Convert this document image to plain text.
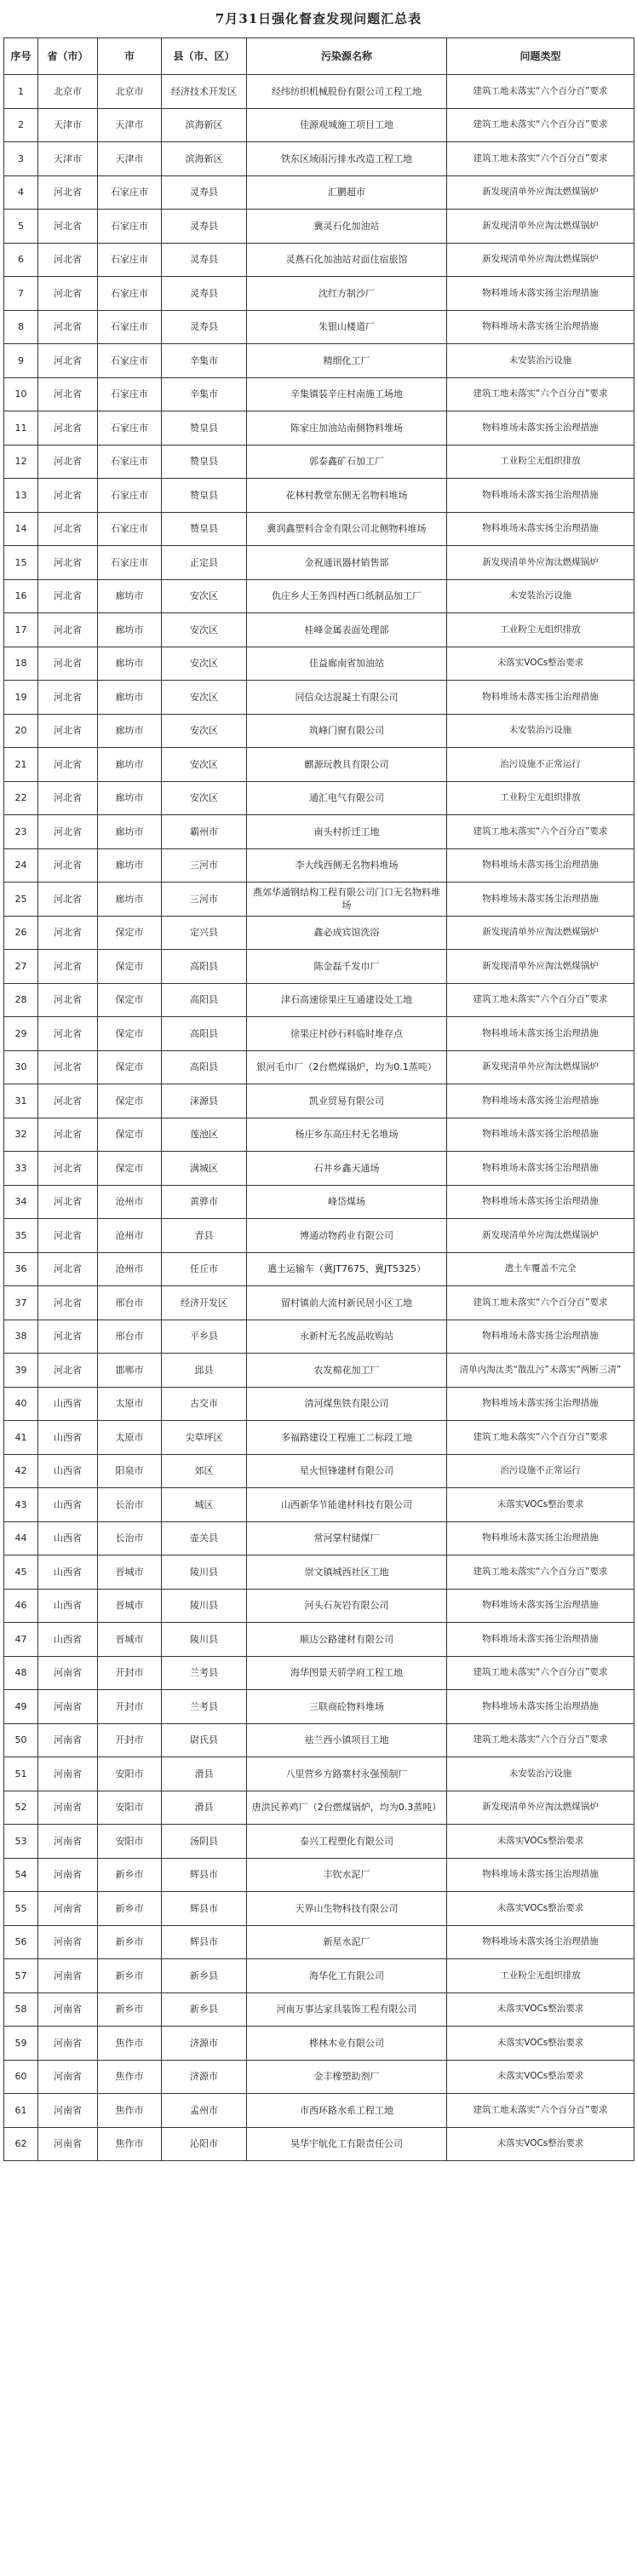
7月31日强化督查发现问题汇总表
序号	省（市）	市	县（市、区）	污染源名称	问题类型
1	北京市	北京市	经济技术开发区	经纬纺织机械股份有限公司工程工地	建筑工地未落实“六个百分百”要求
2	天津市	天津市	滨海新区	佳源观城施工项目工地	建筑工地未落实“六个百分百”要求
3	天津市	天津市	滨海新区	铁东区域雨污排水改造工程工地	建筑工地未落实“六个百分百”要求
4	河北省	石家庄市	灵寿县	汇鹏超市	新发现清单外应淘汰燃煤锅炉
5	河北省	石家庄市	灵寿县	冀灵石化加油站	新发现清单外应淘汰燃煤锅炉
6	河北省	石家庄市	灵寿县	灵燕石化加油站对面住宿旅馆	新发现清单外应淘汰燃煤锅炉
7	河北省	石家庄市	灵寿县	沈红方制沙厂	物料堆场未落实扬尘治理措施
8	河北省	石家庄市	灵寿县	朱银山楼道厂	物料堆场未落实扬尘治理措施
9	河北省	石家庄市	辛集市	精细化工厂	未安装治污设施
10	河北省	石家庄市	辛集市	辛集镇装辛庄村南施工场地	建筑工地未落实“六个百分百”要求
11	河北省	石家庄市	赞皇县	陈家庄加油站南侧物料堆场	物料堆场未落实扬尘治理措施
12	河北省	石家庄市	赞皇县	郭泰鑫矿石加工厂	工业粉尘无组织排放
13	河北省	石家庄市	赞皇县	花林村教堂东侧无名物料堆场	物料堆场未落实扬尘治理措施
14	河北省	石家庄市	赞皇县	冀润鑫塑料合金有限公司北侧物料堆场	物料堆场未落实扬尘治理措施
15	河北省	石家庄市	正定县	金祝通讯器材销售部	新发现清单外应淘汰燃煤锅炉
16	河北省	廊坊市	安次区	仇庄乡大王务四村西口纸制品加工厂	未安装治污设施
17	河北省	廊坊市	安次区	桂峰金属表面处理部	工业粉尘无组织排放
18	河北省	廊坊市	安次区	佳益廊南省加油站	未落实VOCs整治要求
19	河北省	廊坊市	安次区	同信众达混凝土有限公司	物料堆场未落实扬尘治理措施
20	河北省	廊坊市	安次区	筑峰门窗有限公司	未安装治污设施
21	河北省	廊坊市	安次区	麒源玩教具有限公司	治污设施不正常运行
22	河北省	廊坊市	安次区	通汇电气有限公司	工业粉尘无组织排放
23	河北省	廊坊市	霸州市	南头村折迁工地	建筑工地未落实“六个百分百”要求
24	河北省	廊坊市	三河市	李大线西侧无名物料堆场	物料堆场未落实扬尘治理措施
25	河北省	廊坊市	三河市	燕郊华通钢结构工程有限公司门口无名物料堆场	物料堆场未落实扬尘治理措施
26	河北省	保定市	定兴县	鑫必成宾馆洗浴	新发现清单外应淘汰燃煤锅炉
27	河北省	保定市	高阳县	陈金磊千发巾厂	新发现清单外应淘汰燃煤锅炉
28	河北省	保定市	高阳县	津石高速徐果庄互通建设处工地	建筑工地未落实“六个百分百”要求
29	河北省	保定市	高阳县	徐果庄村砂石料临时堆存点	物料堆场未落实扬尘治理措施
30	河北省	保定市	高阳县	银河毛巾厂（2台燃煤锅炉，均为0.1蒸吨）	新发现清单外应淘汰燃煤锅炉
31	河北省	保定市	涞源县	凯业贸易有限公司	物料堆场未落实扬尘治理措施
32	河北省	保定市	莲池区	杨庄乡东高庄村无名堆场	物料堆场未落实扬尘治理措施
33	河北省	保定市	满城区	石井乡鑫天通场	物料堆场未落实扬尘治理措施
34	河北省	沧州市	黄骅市	峰岱煤场	物料堆场未落实扬尘治理措施
35	河北省	沧州市	青县	博通动物药业有限公司	新发现清单外应淘汰燃煤锅炉
36	河北省	沧州市	任丘市	遣土运输车（冀JT7675、冀JT5325）	遣土车覆盖不完全
37	河北省	邢台市	经济开发区	留村镇前大流村新民居小区工地	建筑工地未落实“六个百分百”要求
38	河北省	邢台市	平乡县	永新村无名废品收购站	物料堆场未落实扬尘治理措施
39	河北省	邯郸市	邱县	农发棉花加工厂	清单内淘汰类“散乱污”未落实“两断三清”
40	山西省	太原市	古交市	清河煤焦铁有限公司	物料堆场未落实扬尘治理措施
41	山西省	太原市	尖草坪区	多福路建设工程施工二标段工地	建筑工地未落实“六个百分百”要求
42	山西省	阳泉市	郊区	星火恒锋建材有限公司	治污设施不正常运行
43	山西省	长治市	城区	山西新华节能建材科技有限公司	未落实VOCs整治要求
44	山西省	长治市	壶关县	常河掌村储煤厂	物料堆场未落实扬尘治理措施
45	山西省	晋城市	陵川县	崇文镇城西社区工地	建筑工地未落实“六个百分百”要求
46	山西省	晋城市	陵川县	河头石灰岩有限公司	物料堆场未落实扬尘治理措施
47	山西省	晋城市	陵川县	顺达公路建材有限公司	物料堆场未落实扬尘治理措施
48	河南省	开封市	兰考县	海华图景天骄学府工程工地	建筑工地未落实“六个百分百”要求
49	河南省	开封市	兰考县	三联商砼物料堆场	物料堆场未落实扬尘治理措施
50	河南省	开封市	尉氏县	祛兰西小镇项目工地	建筑工地未落实“六个百分百”要求
51	河南省	安阳市	滑县	八里营乡方路寨村永强预制厂	未安装治污设施
52	河南省	安阳市	滑县	唐洪民养鸡厂（2台燃煤锅炉，均为0.3蒸吨）	新发现清单外应淘汰燃煤锅炉
53	河南省	安阳市	汤阴县	泰兴工程塑化有限公司	未落实VOCs整治要求
54	河南省	新乡市	辉县市	丰钦水泥厂	物料堆场未落实扬尘治理措施
55	河南省	新乡市	辉县市	天界山生物科技有限公司	未落实VOCs整治要求
56	河南省	新乡市	辉县市	新星水泥厂	物料堆场未落实扬尘治理措施
57	河南省	新乡市	新乡县	海华化工有限公司	工业粉尘无组织排放
58	河南省	新乡市	新乡县	河南万事达家具装饰工程有限公司	未落实VOCs整治要求
59	河南省	焦作市	济源市	桦林木业有限公司	未落实VOCs整治要求
60	河南省	焦作市	济源市	金丰橡塑助剂厂	未落实VOCs整治要求
61	河南省	焦作市	孟州市	市西环路水系工程工地	建筑工地未落实“六个百分百”要求
62	河南省	焦作市	沁阳市	昊华宇航化工有限责任公司	未落实VOCs整治要求
